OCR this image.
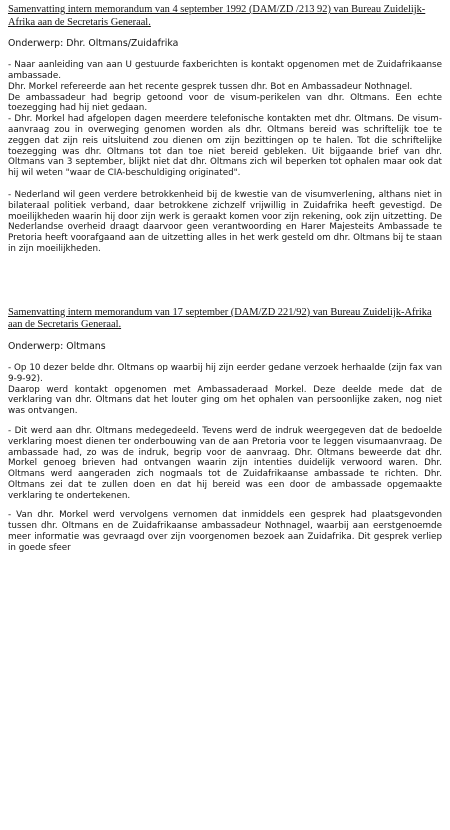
Samenvatting intern memorandum van 4 september 1992 (DAM/ZD /213 92) van Bureau Zuidelijk-Afrika aan de Secretaris Generaal.

Onderwerp: Dhr. Oltmans/Zuidafrika

- Naar aanleiding van aan U gestuurde faxberichten is kontakt opgenomen met de Zuidafrikaanse ambassade.

Dhr. Morkel refereerde aan het recente gesprek tussen dhr. Bot en Ambassadeur Nothnagel.

De ambassadeur had begrip getoond voor de visum-perikelen van dhr. Oltmans. Een echte toezegging had hij niet gedaan.

- Dhr. Morkel had afgelopen dagen meerdere telefonische kontakten met dhr. Oltmans. De visum-aanvraag zou in overweging genomen worden als dhr. Oltmans bereid was schriftelijk toe te zeggen dat zijn reis uitsluitend zou dienen om zijn bezittingen op te halen. Tot die schriftelijke toezegging was dhr. Oltmans tot dan toe niet bereid gebleken. Uit bijgaande brief van dhr. Oltmans van 3 september, blijkt niet dat dhr. Oltmans zich wil beperken tot ophalen maar ook dat hij wil weten "waar de CIA-beschuldiging originated".

- Nederland wil geen verdere betrokkenheid bij de kwestie van de visumverlening, althans niet in bilateraal politiek verband, daar betrokkene zichzelf vrijwillig in Zuidafrika heeft gevestigd. De moeilijkheden waarin hij door zijn werk is geraakt komen voor zijn rekening, ook zijn uitzetting. De Nederlandse overheid draagt daarvoor geen verantwoording en Harer Majesteits Ambassade te Pretoria heeft voorafgaand aan de uitzetting alles in het werk gesteld om dhr. Oltmans bij te staan in zijn moeilijkheden.

Samenvatting intern memorandum van 17 september (DAM/ZD 221/92) van Bureau Zuidelijk-Afrika aan de Secretaris Generaal.

Onderwerp: Oltmans

- Op 10 dezer belde dhr. Oltmans op waarbij hij zijn eerder gedane verzoek herhaalde (zijn fax van 9-9-92).

Daarop werd kontakt opgenomen met Ambassaderaad Morkel. Deze deelde mede dat de verklaring van dhr. Oltmans dat het louter ging om het ophalen van persoonlijke zaken, nog niet was ontvangen.

- Dit werd aan dhr. Oltmans medegedeeld. Tevens werd de indruk weergegeven dat de bedoelde verklaring moest dienen ter onderbouwing van de aan Pretoria voor te leggen visumaanvraag. De ambassade had, zo was de indruk, begrip voor de aanvraag. Dhr. Oltmans beweerde dat dhr. Morkel genoeg brieven had ontvangen waarin zijn intenties duidelijk verwoord waren. Dhr. Oltmans werd aangeraden zich nogmaals tot de Zuidafrikaanse ambassade te richten. Dhr. Oltmans zei dat te zullen doen en dat hij bereid was een door de ambassade opgemaakte verklaring te ondertekenen.

- Van dhr. Morkel werd vervolgens vernomen dat inmiddels een gesprek had plaatsgevonden tussen dhr. Oltmans en de Zuidafrikaanse ambassadeur Nothnagel, waarbij aan eerstgenoemde meer informatie was gevraagd over zijn voorgenomen bezoek aan Zuidafrika. Dit gesprek verliep in goede sfeer
